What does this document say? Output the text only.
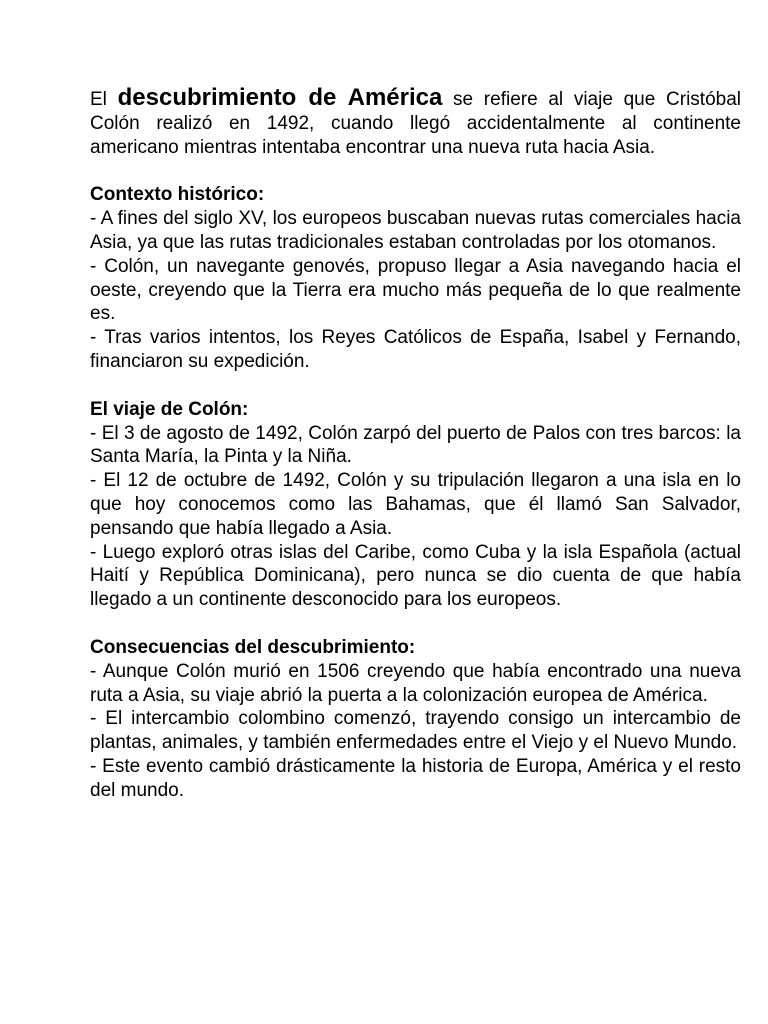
El descubrimiento de América se refiere al viaje que Cristóbal Colón realizó en 1492, cuando llegó accidentalmente al continente americano mientras intentaba encontrar una nueva ruta hacia Asia.

Contexto histórico:

- A fines del siglo XV, los europeos buscaban nuevas rutas comerciales hacia Asia, ya que las rutas tradicionales estaban controladas por los otomanos.

- Colón, un navegante genovés, propuso llegar a Asia navegando hacia el oeste, creyendo que la Tierra era mucho más pequeña de lo que realmente es.

- Tras varios intentos, los Reyes Católicos de España, Isabel y Fernando, financiaron su expedición.

El viaje de Colón:

- El 3 de agosto de 1492, Colón zarpó del puerto de Palos con tres barcos: la Santa María, la Pinta y la Niña.

- El 12 de octubre de 1492, Colón y su tripulación llegaron a una isla en lo que hoy conocemos como las Bahamas, que él llamó San Salvador, pensando que había llegado a Asia.

- Luego exploró otras islas del Caribe, como Cuba y la isla Española (actual Haití y República Dominicana), pero nunca se dio cuenta de que había llegado a un continente desconocido para los europeos.

Consecuencias del descubrimiento:

- Aunque Colón murió en 1506 creyendo que había encontrado una nueva ruta a Asia, su viaje abrió la puerta a la colonización europea de América.

- El intercambio colombino comenzó, trayendo consigo un intercambio de plantas, animales, y también enfermedades entre el Viejo y el Nuevo Mundo.

- Este evento cambió drásticamente la historia de Europa, América y el resto del mundo.
